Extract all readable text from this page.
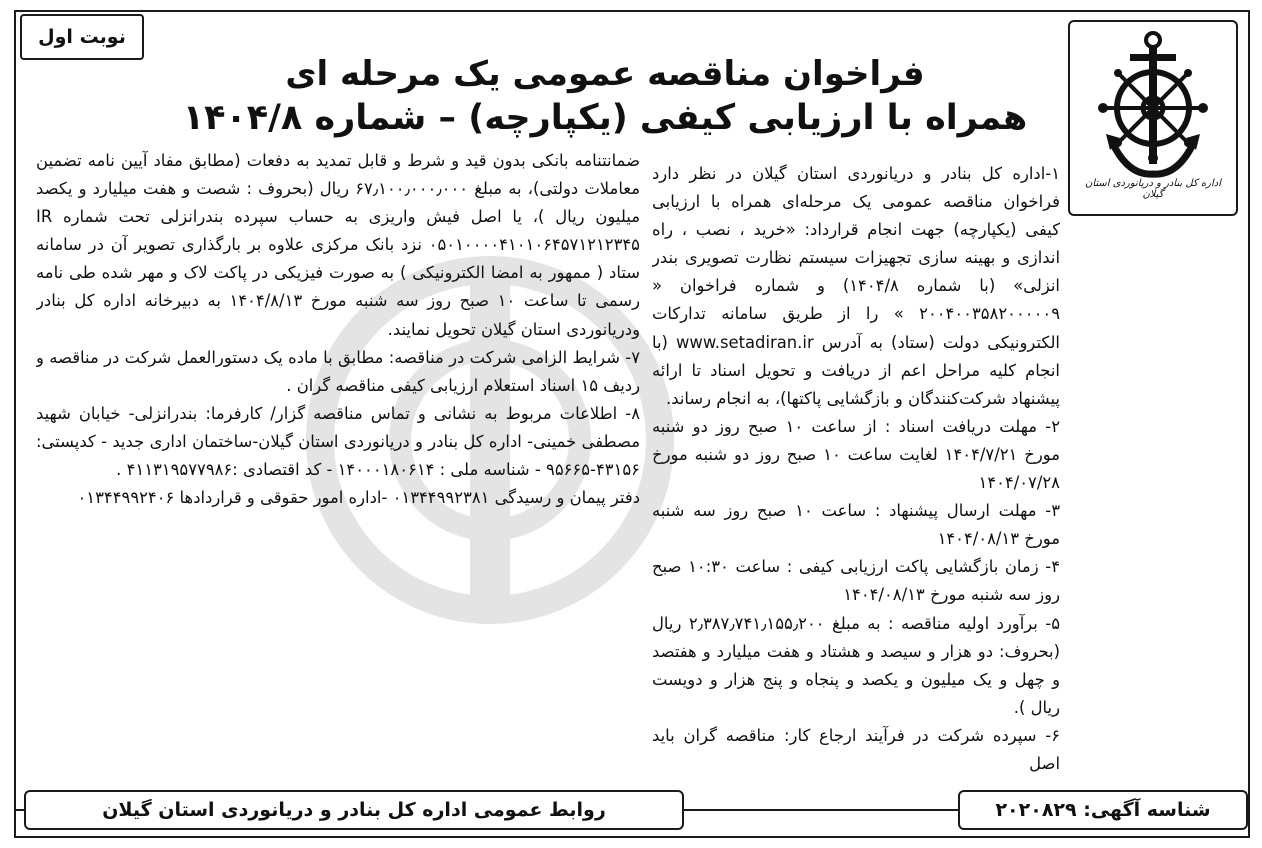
نوبت اول
اداره کل بنادر و دریانوردی استان گیلان
فراخوان مناقصه عمومی یک مرحله ای
همراه با ارزیابی کیفی (یکپارچه) – شماره ۱۴۰۴/۸

۱-اداره کل بنادر و دریانوردی استان گیلان در نظر دارد فراخوان مناقصه عمومی یک مرحله‌ای همراه با ارزیابی کیفی (یکپارچه) جهت انجام قرارداد: «خرید ، نصب ، راه اندازی و بهینه سازی تجهیزات سیستم نظارت تصویری بندر انزلی» (با شماره ۱۴۰۴/۸) و شماره فراخوان « ۲۰۰۴۰۰۳۵۸۲۰۰۰۰۰۹ » را از طریق سامانه تدارکات الکترونیکی دولت (ستاد) به آدرس www.setadiran.ir (با انجام کلیه مراحل اعم از دریافت و تحویل اسناد تا ارائه پیشنهاد شرکت‌کنندگان و بازگشایی پاکتها)، به انجام رساند.

۲- مهلت دریافت اسناد : از ساعت ۱۰ صبح روز دو شنبه مورخ ۱۴۰۴/۷/۲۱ لغایت ساعت ۱۰ صبح روز دو شنبه مورخ ۱۴۰۴/۰۷/۲۸

۳- مهلت ارسال پیشنهاد : ساعت ۱۰ صبح روز سه شنبه مورخ ۱۴۰۴/۰۸/۱۳

۴- زمان بازگشایی پاکت ارزیابی کیفی : ساعت ۱۰:۳۰ صبح روز سه شنبه مورخ ۱۴۰۴/۰۸/۱۳

۵- برآورد اولیه مناقصه : به مبلغ ۲٫۳۸۷٫۷۴۱٫۱۵۵٫۲۰۰ ریال (بحروف: دو هزار و سیصد و هشتاد و هفت میلیارد و هفتصد و چهل و یک میلیون و یکصد و پنجاه و پنج هزار و دویست ریال ).

۶- سپرده شرکت در فرآیند ارجاع کار: مناقصه گران باید اصل

ضمانتنامه بانکی بدون قید و شرط و قابل تمدید به دفعات (مطابق مفاد آیین نامه تضمین معاملات دولتی)، به مبلغ ۶۷٫۱۰۰٫۰۰۰٫۰۰۰ ریال (بحروف : شصت و هفت میلیارد و یکصد میلیون ریال )، یا اصل فیش واریزی به حساب سپرده بندرانزلی تحت شماره IR ۰۵۰۱۰۰۰۰۴۱۰۱۰۶۴۵۷۱۲۱۲۳۴۵ نزد بانک مرکزی علاوه بر بارگذاری تصویر آن در سامانه ستاد ( ممهور به امضا الکترونیکی ) به صورت فیزیکی در پاکت لاک و مهر شده طی نامه رسمی تا ساعت ۱۰ صبح روز سه شنبه مورخ ۱۴۰۴/۸/۱۳ به دبیرخانه اداره کل بنادر ودریانوردی استان گیلان تحویل نمایند.

۷- شرایط الزامی شرکت در مناقصه: مطابق با ماده یک دستورالعمل شرکت در مناقصه و ردیف ۱۵ اسناد استعلام ارزیابی کیفی مناقصه گران .

۸- اطلاعات مربوط به نشانی و تماس مناقصه گزار/ کارفرما: بندرانزلی- خیابان شهید مصطفی خمینی- اداره کل بنادر و دریانوردی استان گیلان-ساختمان اداری جدید - کدپستی: ۴۳۱۵۶-۹۵۶۶۵ - شناسه ملی : ۱۴۰۰۰۱۸۰۶۱۴ - کد اقتصادی :۴۱۱۳۱۹۵۷۷۹۸۶ .

دفتر پیمان و رسیدگی ۰۱۳۴۴۹۹۲۳۸۱ -اداره امور حقوقی و قراردادها ۰۱۳۴۴۹۹۲۴۰۶

شناسه آگهی: ۲۰۲۰۸۲۹
روابط عمومی اداره کل بنادر و دریانوردی استان گیلان
